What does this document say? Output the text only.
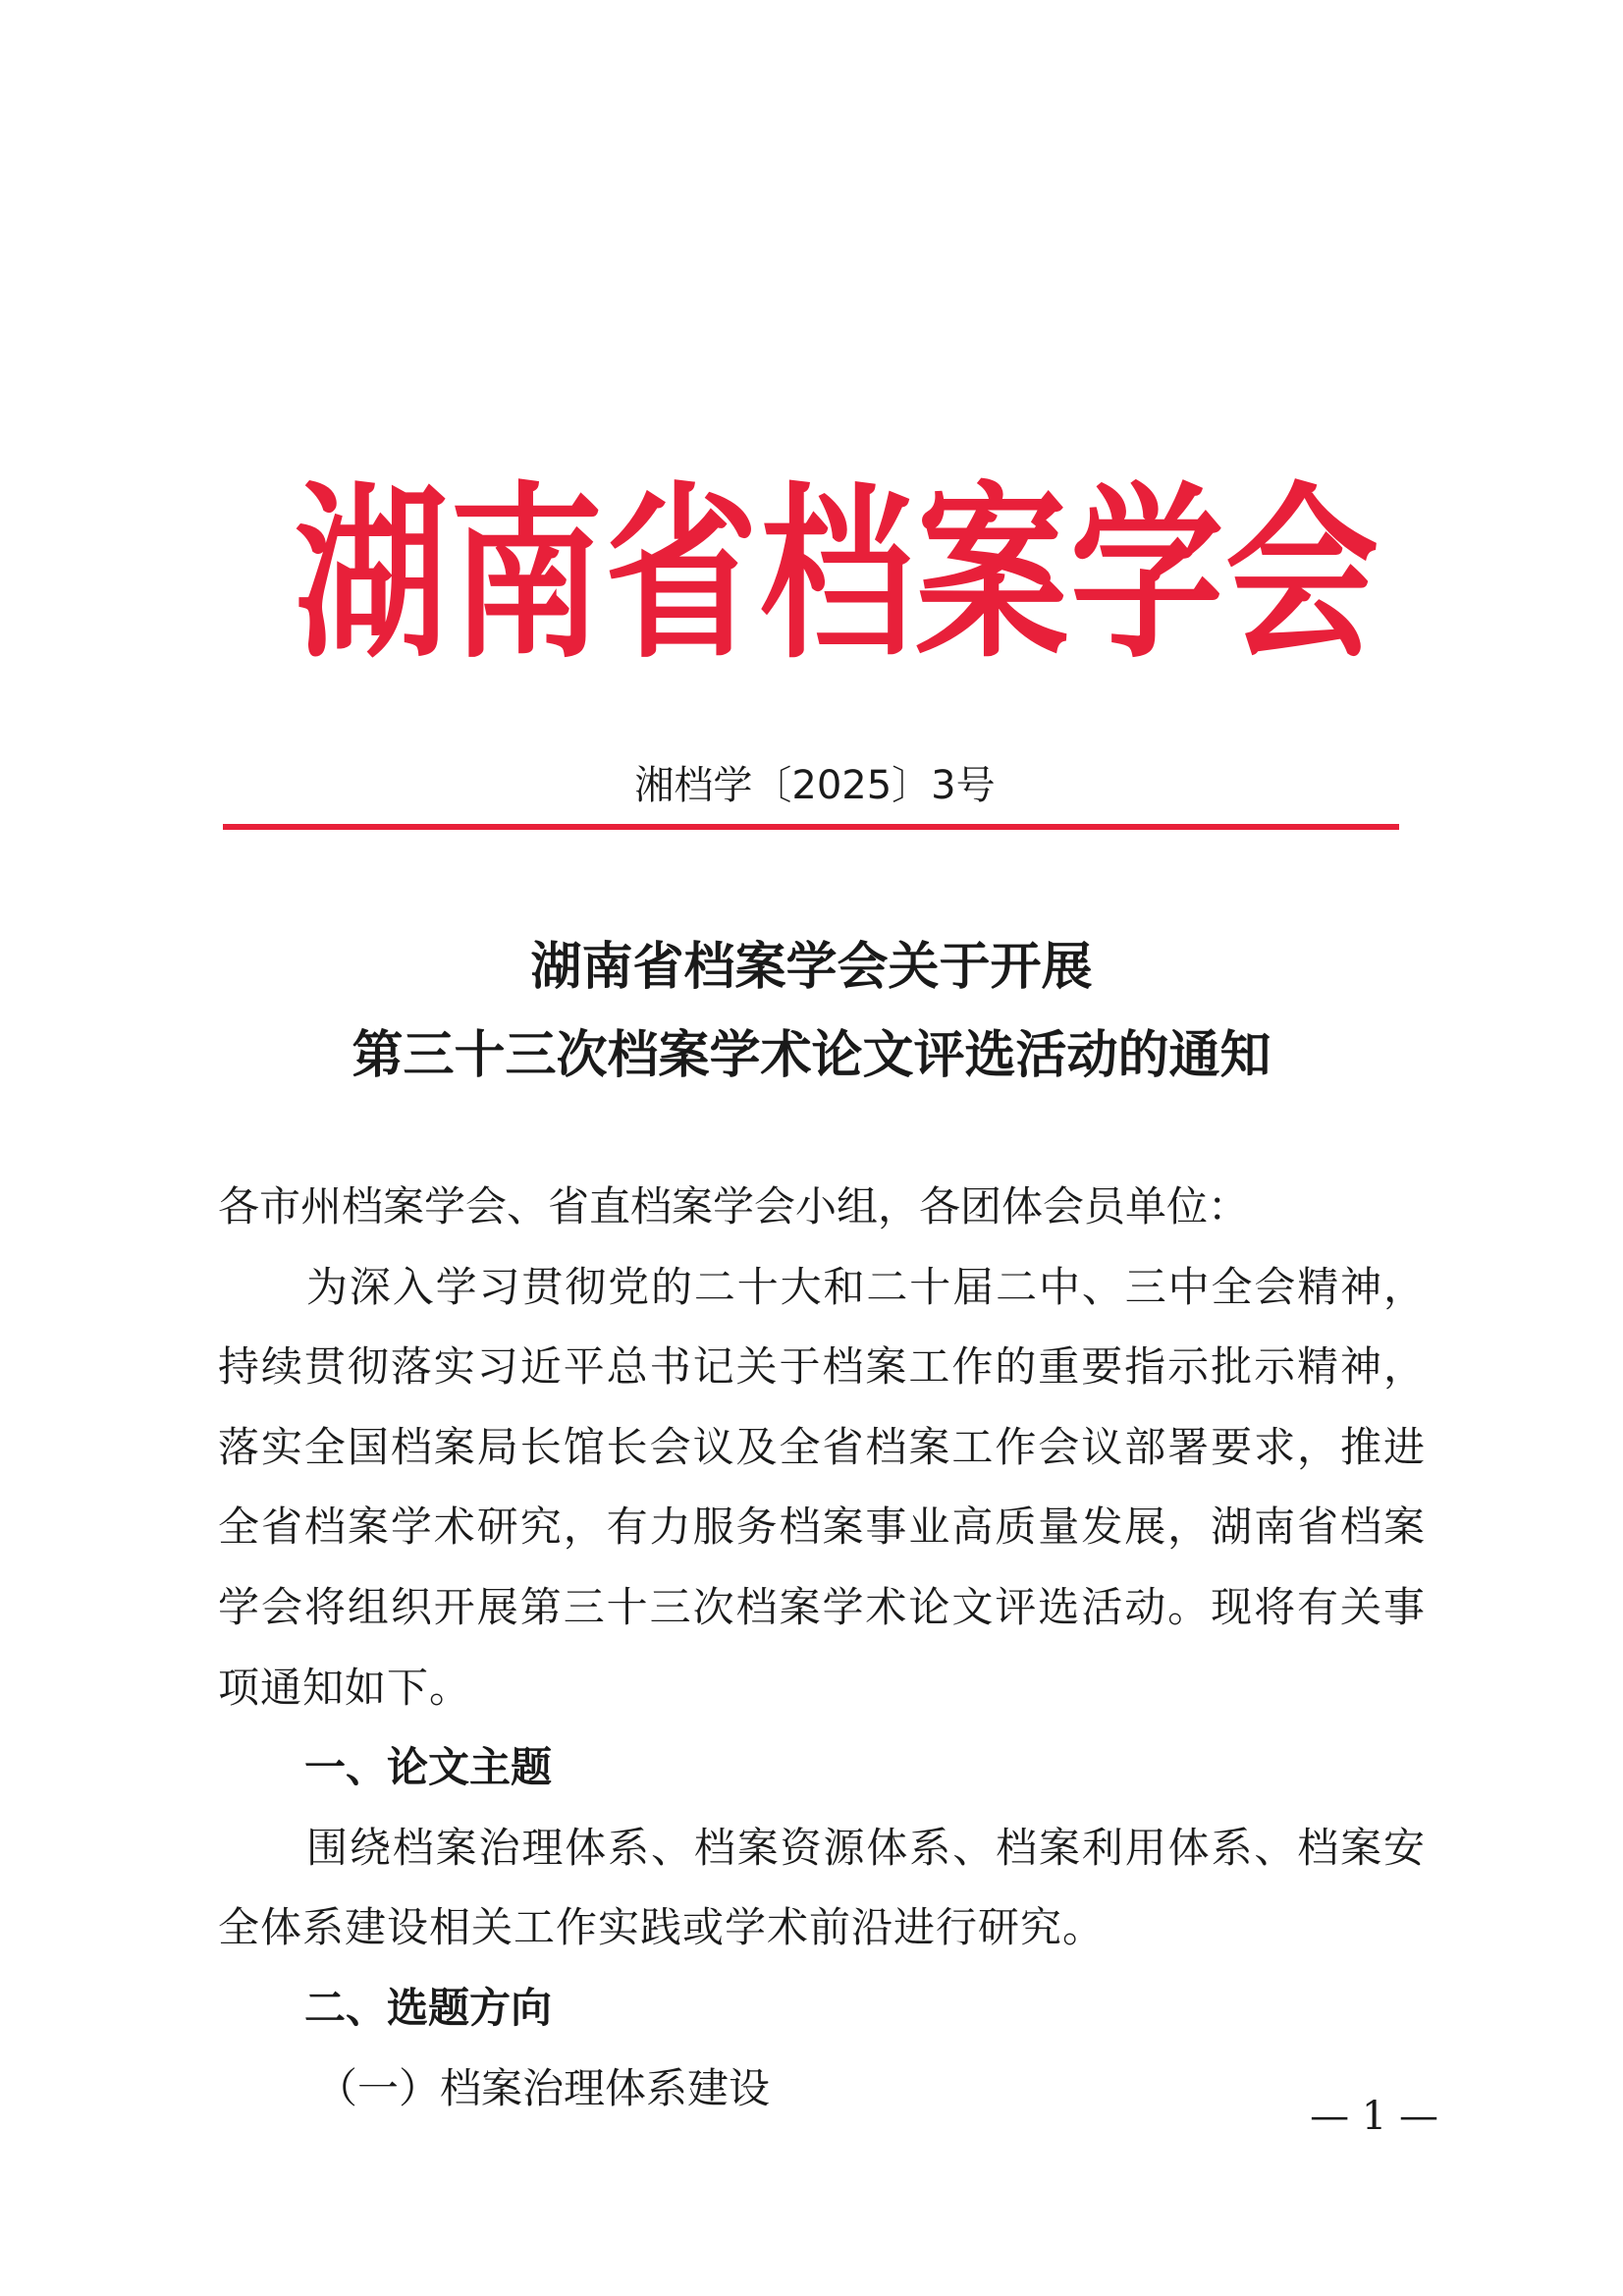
湖南省档案学会
湘档学〔2025〕3号
湖南省档案学会关于开展
第三十三次档案学术论文评选活动的通知

各市州档案学会、省直档案学会小组，各团体会员单位：

为深入学习贯彻党的二十大和二十届二中、三中全会精神，持续贯彻落实习近平总书记关于档案工作的重要指示批示精神，落实全国档案局长馆长会议及全省档案工作会议部署要求，推进全省档案学术研究，有力服务档案事业高质量发展，湖南省档案学会将组织开展第三十三次档案学术论文评选活动。现将有关事项通知如下。

一、论文主题

围绕档案治理体系、档案资源体系、档案利用体系、档案安全体系建设相关工作实践或学术前沿进行研究。

二、选题方向

（一）档案治理体系建设

— 1 —
